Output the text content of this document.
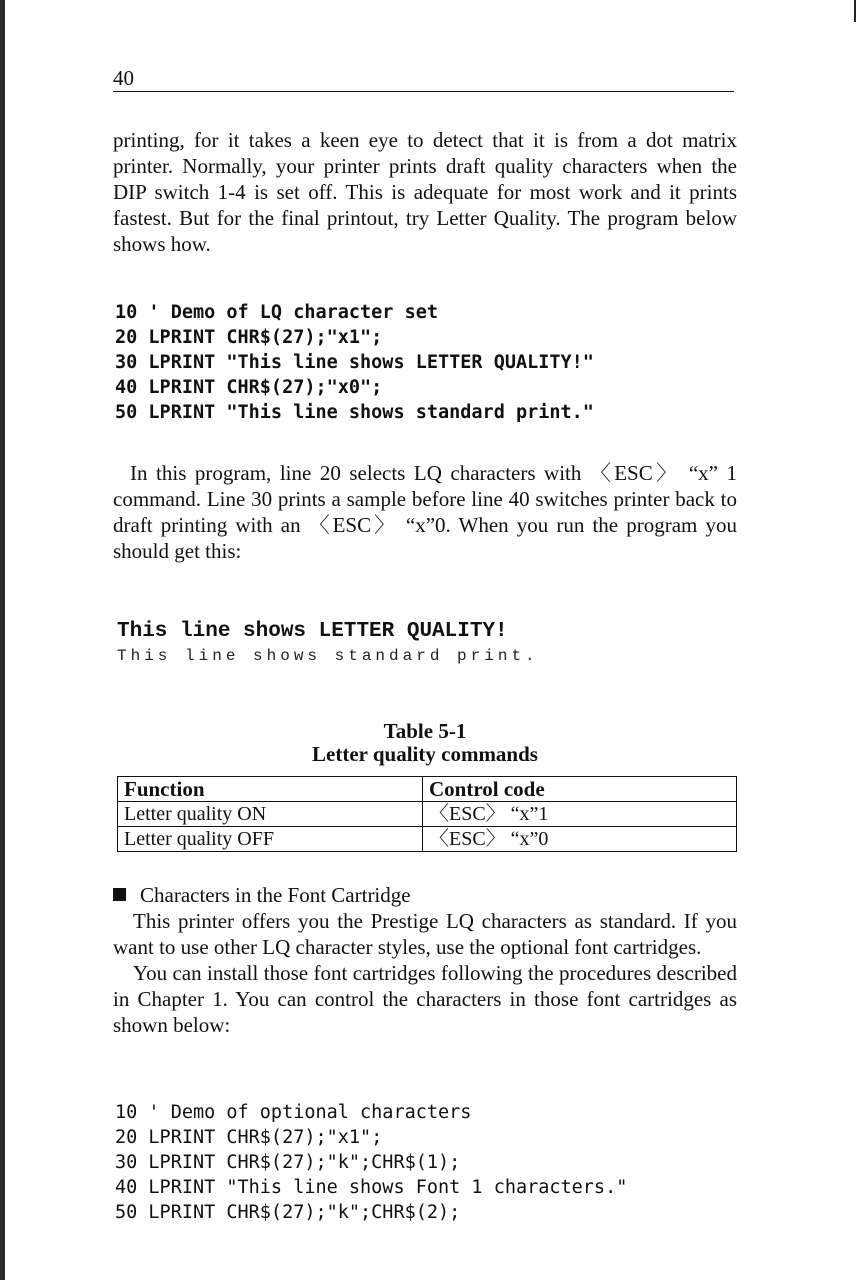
40

printing, for it takes a keen eye to detect that it is from a dot matrix printer. Normally, your printer prints draft quality characters when the DIP switch 1-4 is set off. This is adequate for most work and it prints fastest. But for the final printout, try Letter Quality. The program below shows how.

10 ' Demo of LQ character set
20 LPRINT CHR$(27);"x1";
30 LPRINT "This line shows LETTER QUALITY!"
40 LPRINT CHR$(27);"x0";
50 LPRINT "This line shows standard print."

In this program, line 20 selects LQ characters with 〈ESC〉 “x” 1 command. Line 30 prints a sample before line 40 switches printer back to draft printing with an 〈ESC〉 “x”0. When you run the program you should get this:

This line shows LETTER QUALITY!
This line shows standard print.
Table 5-1
Letter quality commands
Function	Control code
Letter quality ON	〈ESC〉 “x”1
Letter quality OFF	〈ESC〉 “x”0

Characters in the Font Cartridge

This printer offers you the Prestige LQ characters as standard. If you want to use other LQ character styles, use the optional font cartridges.

You can install those font cartridges following the procedures described in Chapter 1. You can control the characters in those font cartridges as shown below:

10 ' Demo of optional characters
20 LPRINT CHR$(27);"x1";
30 LPRINT CHR$(27);"k";CHR$(1);
40 LPRINT "This line shows Font 1 characters."
50 LPRINT CHR$(27);"k";CHR$(2);
